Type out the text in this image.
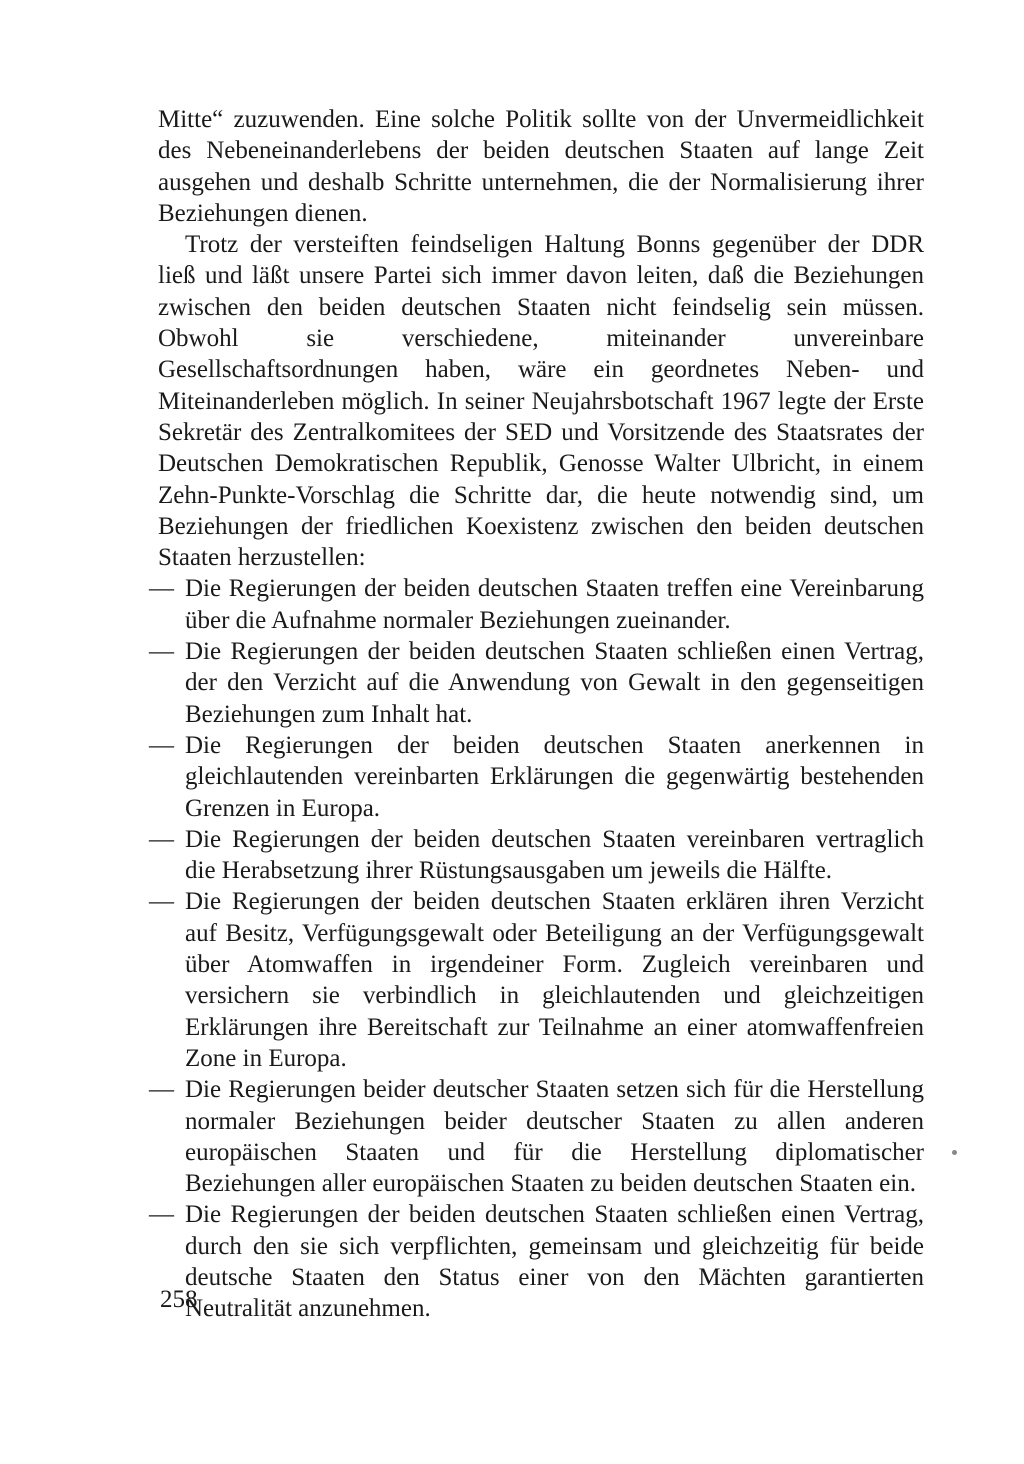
Mitte“ zuzuwenden. Eine solche Politik sollte von der Unvermeidlichkeit des Nebeneinanderlebens der beiden deutschen Staaten auf lange Zeit ausgehen und deshalb Schritte unternehmen, die der Normalisierung ihrer Beziehungen dienen.

Trotz der versteiften feindseligen Haltung Bonns gegenüber der DDR ließ und läßt unsere Partei sich immer davon leiten, daß die Beziehungen zwischen den beiden deutschen Staaten nicht feindselig sein müssen. Obwohl sie verschiedene, miteinander unvereinbare Gesellschaftsordnungen haben, wäre ein geordnetes Neben- und Miteinanderleben möglich. In seiner Neujahrsbotschaft 1967 legte der Erste Sekretär des Zentralkomitees der SED und Vorsitzende des Staatsrates der Deutschen Demokratischen Republik, Genosse Walter Ulbricht, in einem Zehn-Punkte-Vorschlag die Schritte dar, die heute notwendig sind, um Beziehungen der friedlichen Koexistenz zwischen den beiden deutschen Staaten herzustellen:

— Die Regierungen der beiden deutschen Staaten treffen eine Vereinbarung über die Aufnahme normaler Beziehungen zueinander.
— Die Regierungen der beiden deutschen Staaten schließen einen Vertrag, der den Verzicht auf die Anwendung von Gewalt in den gegenseitigen Beziehungen zum Inhalt hat.
— Die Regierungen der beiden deutschen Staaten anerkennen in gleichlautenden vereinbarten Erklärungen die gegenwärtig bestehenden Grenzen in Europa.
— Die Regierungen der beiden deutschen Staaten vereinbaren vertraglich die Herabsetzung ihrer Rüstungsausgaben um jeweils die Hälfte.
— Die Regierungen der beiden deutschen Staaten erklären ihren Verzicht auf Besitz, Verfügungsgewalt oder Beteiligung an der Verfügungsgewalt über Atomwaffen in irgendeiner Form. Zugleich vereinbaren und versichern sie verbindlich in gleichlautenden und gleichzeitigen Erklärungen ihre Bereitschaft zur Teilnahme an einer atomwaffenfreien Zone in Europa.
— Die Regierungen beider deutscher Staaten setzen sich für die Herstellung normaler Beziehungen beider deutscher Staaten zu allen anderen europäischen Staaten und für die Herstellung diplomatischer Beziehungen aller europäischen Staaten zu beiden deutschen Staaten ein.
— Die Regierungen der beiden deutschen Staaten schließen einen Vertrag, durch den sie sich verpflichten, gemeinsam und gleichzeitig für beide deutsche Staaten den Status einer von den Mächten garantierten Neutralität anzunehmen.
258
